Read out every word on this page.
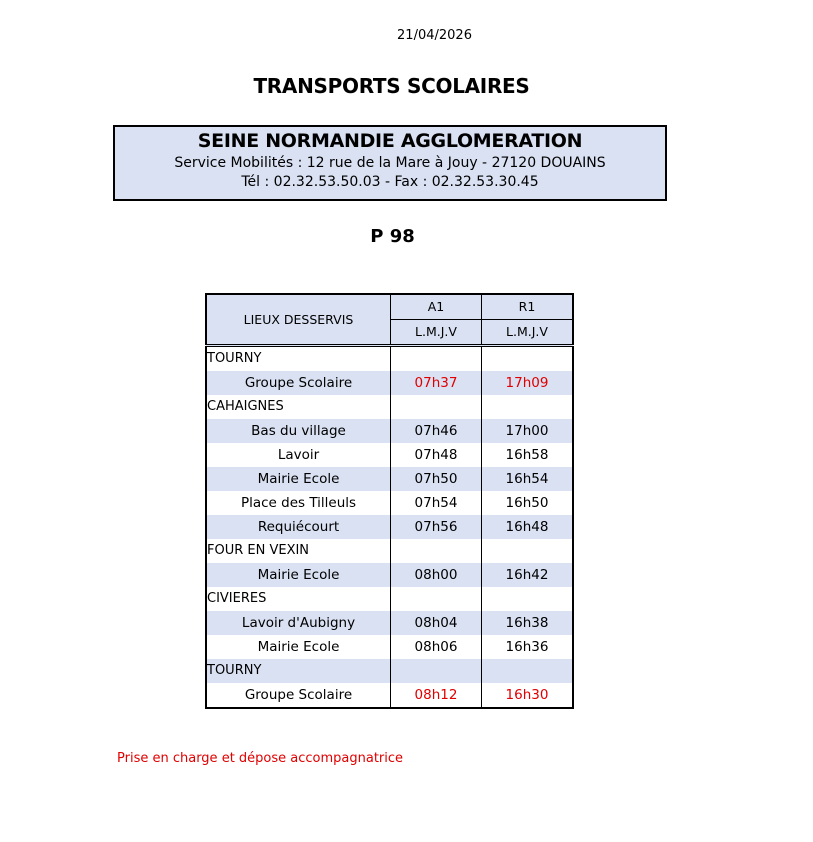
21/04/2026
TRANSPORTS SCOLAIRES
SEINE NORMANDIE AGGLOMERATION
Service Mobilités : 12 rue de la Mare à Jouy - 27120 DOUAINS
Tél : 02.32.53.50.03 - Fax : 02.32.53.30.45
P 98
LIEUX DESSERVIS	A1	R1
	L.M.J.V	L.M.J.V
TOURNY		
Groupe Scolaire	07h37	17h09
CAHAIGNES		
Bas du village	07h46	17h00
Lavoir	07h48	16h58
Mairie Ecole	07h50	16h54
Place des Tilleuls	07h54	16h50
Requiécourt	07h56	16h48
FOUR EN VEXIN		
Mairie Ecole	08h00	16h42
CIVIERES		
Lavoir d'Aubigny	08h04	16h38
Mairie Ecole	08h06	16h36
TOURNY		
Groupe Scolaire	08h12	16h30
Prise en charge et dépose accompagnatrice
